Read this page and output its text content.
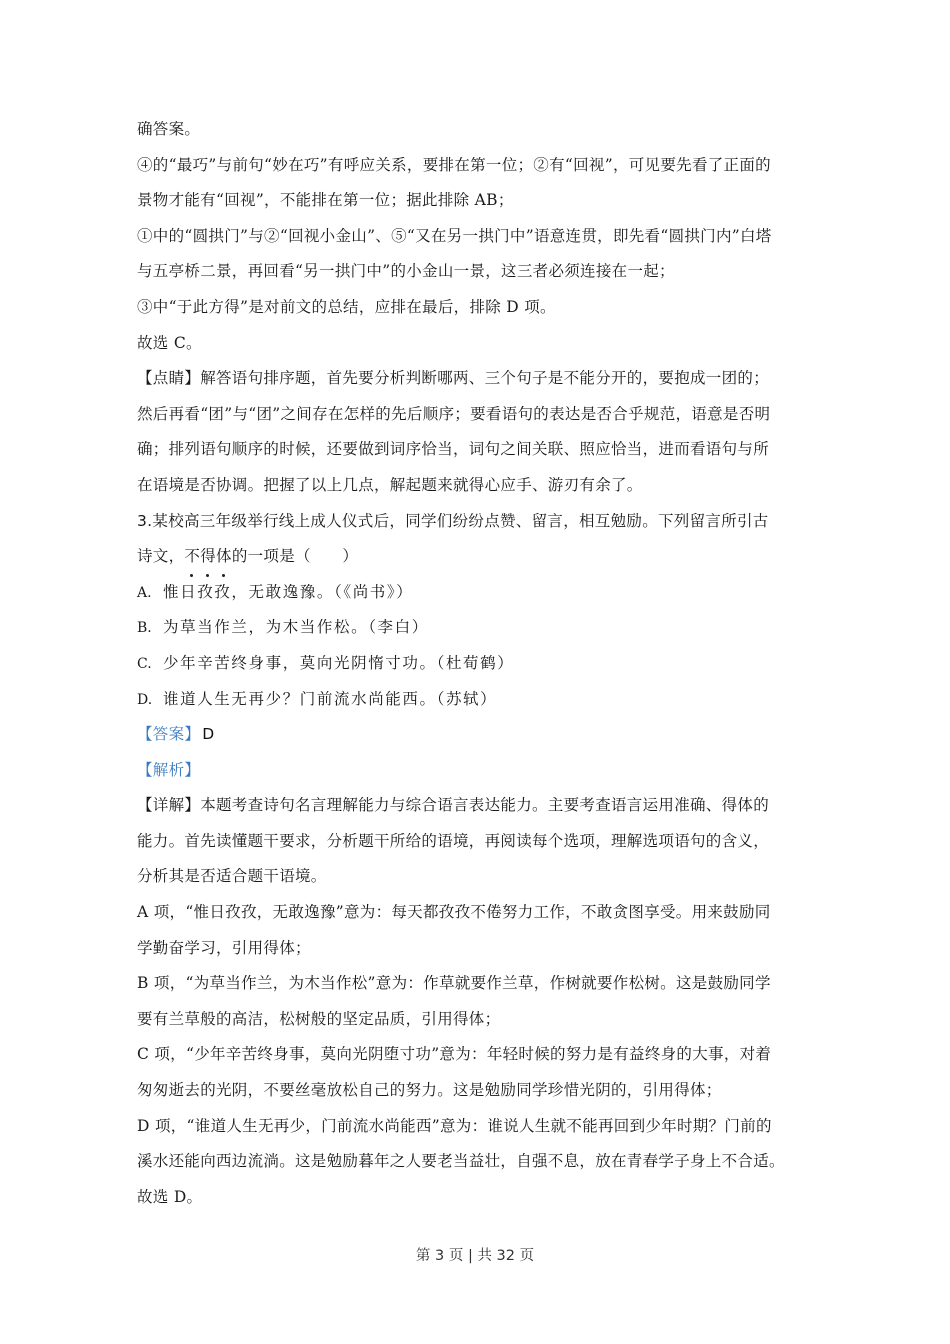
确答案。
④的“最巧”与前句“妙在巧”有呼应关系，要排在第一位；②有“回视”，可见要先看了正面的
景物才能有“回视”，不能排在第一位；据此排除 AB；
①中的“圆拱门”与②“回视小金山”、⑤“又在另一拱门中”语意连贯，即先看“圆拱门内”白塔
与五亭桥二景，再回看“另一拱门中”的小金山一景，这三者必须连接在一起；
③中“于此方得”是对前文的总结，应排在最后，排除 D 项。
故选 C。
【点睛】解答语句排序题，首先要分析判断哪两、三个句子是不能分开的，要抱成一团的；
然后再看“团”与“团”之间存在怎样的先后顺序；要看语句的表达是否合乎规范，语意是否明
确；排列语句顺序的时候，还要做到词序恰当，词句之间关联、照应恰当，进而看语句与所
在语境是否协调。把握了以上几点，解起题来就得心应手、游刃有余了。
3.某校高三年级举行线上成人仪式后，同学们纷纷点赞、留言，相互勉励。下列留言所引古
诗文，不得体
的一项是（　　）
A. 惟日孜孜，无敢逸豫。（《尚书》）
B. 为草当作兰，为木当作松。（李白）
C. 少年辛苦终身事，莫向光阴惰寸功。（杜荀鹤）
D. 谁道人生无再少？门前流水尚能西。（苏轼）
【答案】 D
【解析】
【详解】本题考查诗句名言理解能力与综合语言表达能力。主要考查语言运用准确、得体的
能力。首先读懂题干要求，分析题干所给的语境，再阅读每个选项，理解选项语句的含义，
分析其是否适合题干语境。
A 项，“惟日孜孜，无敢逸豫”意为：每天都孜孜不倦努力工作，不敢贪图享受。用来鼓励同
学勤奋学习，引用得体；
B 项，“为草当作兰，为木当作松”意为：作草就要作兰草，作树就要作松树。这是鼓励同学
要有兰草般的高洁，松树般的坚定品质，引用得体；
C 项，“少年辛苦终身事，莫向光阴堕寸功”意为：年轻时候的努力是有益终身的大事，对着
匆匆逝去的光阴，不要丝毫放松自己的努力。这是勉励同学珍惜光阴的，引用得体；
D 项，“谁道人生无再少，门前流水尚能西”意为：谁说人生就不能再回到少年时期？门前的
溪水还能向西边流淌。这是勉励暮年之人要老当益壮，自强不息，放在青春学子身上不合适。
故选 D。
第 3 页 | 共 32 页
